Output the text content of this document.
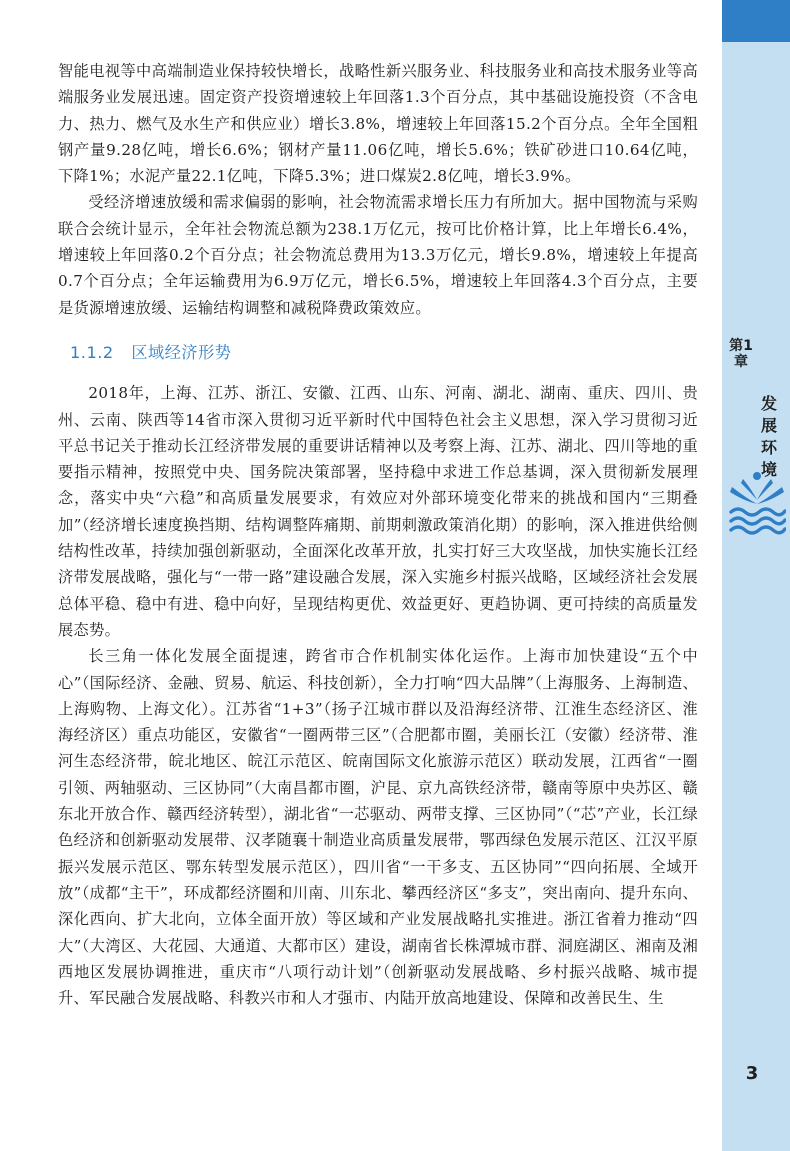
智能电视等中高端制造业保持较快增长，战略性新兴服务业、科技服务业和高技术服务业等高端服务业发展迅速。固定资产投资增速较上年回落1.3个百分点，其中基础设施投资（不含电力、热力、燃气及水生产和供应业）增长3.8%，增速较上年回落15.2个百分点。全年全国粗钢产量9.28亿吨，增长6.6%；钢材产量11.06亿吨，增长5.6%；铁矿砂进口10.64亿吨，下降1%；水泥产量22.1亿吨，下降5.3%；进口煤炭2.8亿吨，增长3.9%。

受经济增速放缓和需求偏弱的影响，社会物流需求增长压力有所加大。据中国物流与采购联合会统计显示，全年社会物流总额为238.1万亿元，按可比价格计算，比上年增长6.4%，增速较上年回落0.2个百分点；社会物流总费用为13.3万亿元，增长9.8%，增速较上年提高0.7个百分点；全年运输费用为6.9万亿元，增长6.5%，增速较上年回落4.3个百分点，主要是货源增速放缓、运输结构调整和减税降费政策效应。

1.1.2 区域经济形势

2018年，上海、江苏、浙江、安徽、江西、山东、河南、湖北、湖南、重庆、四川、贵州、云南、陕西等14省市深入贯彻习近平新时代中国特色社会主义思想，深入学习贯彻习近平总书记关于推动长江经济带发展的重要讲话精神以及考察上海、江苏、湖北、四川等地的重要指示精神，按照党中央、国务院决策部署，坚持稳中求进工作总基调，深入贯彻新发展理念，落实中央“六稳”和高质量发展要求，有效应对外部环境变化带来的挑战和国内“三期叠加”（经济增长速度换挡期、结构调整阵痛期、前期刺激政策消化期）的影响，深入推进供给侧结构性改革，持续加强创新驱动，全面深化改革开放，扎实打好三大攻坚战，加快实施长江经济带发展战略，强化与“一带一路”建设融合发展，深入实施乡村振兴战略，区域经济社会发展总体平稳、稳中有进、稳中向好，呈现结构更优、效益更好、更趋协调、更可持续的高质量发展态势。

长三角一体化发展全面提速，跨省市合作机制实体化运作。上海市加快建设“五个中心”（国际经济、金融、贸易、航运、科技创新），全力打响“四大品牌”（上海服务、上海制造、上海购物、上海文化）。江苏省“1+3”（扬子江城市群以及沿海经济带、江淮生态经济区、淮海经济区）重点功能区，安徽省“一圈两带三区”（合肥都市圈，美丽长江（安徽）经济带、淮河生态经济带，皖北地区、皖江示范区、皖南国际文化旅游示范区）联动发展，江西省“一圈引领、两轴驱动、三区协同”（大南昌都市圈，沪昆、京九高铁经济带，赣南等原中央苏区、赣东北开放合作、赣西经济转型），湖北省“一芯驱动、两带支撑、三区协同”（“芯”产业，长江绿色经济和创新驱动发展带、汉孝随襄十制造业高质量发展带，鄂西绿色发展示范区、江汉平原振兴发展示范区、鄂东转型发展示范区），四川省“一干多支、五区协同”“四向拓展、全域开放”（成都“主干”，环成都经济圈和川南、川东北、攀西经济区“多支”，突出南向、提升东向、深化西向、扩大北向，立体全面开放）等区域和产业发展战略扎实推进。浙江省着力推动“四大”（大湾区、大花园、大通道、大都市区）建设，湖南省长株潭城市群、洞庭湖区、湘南及湘西地区发展协调推进，重庆市“八项行动计划”（创新驱动发展战略、乡村振兴战略、城市提升、军民融合发展战略、科教兴市和人才强市、内陆开放高地建设、保障和改善民生、生

第1章
发展环境
3
